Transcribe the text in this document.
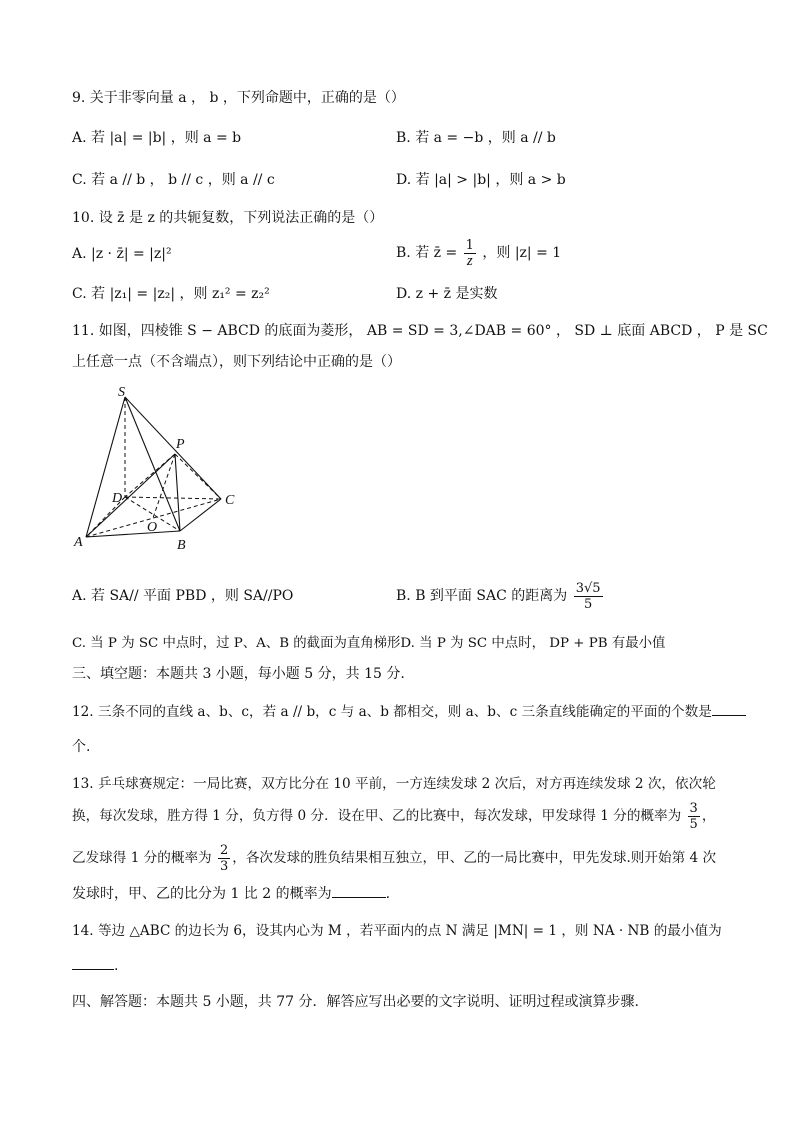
9. 关于非零向量 a ， b ，下列命题中，正确的是（）
A. 若 |a| = |b| ，则 a = b	B. 若 a = −b ，则 a // b
C. 若 a // b ， b // c ，则 a // c	D. 若 |a| > |b| ，则 a > b
10. 设 z̄ 是 z 的共轭复数，下列说法正确的是（）
A. |z · z̄| = |z|²	B. 若 z̄ = $\frac{1}{z}$ ，则 |z| = 1
C. 若 |z₁| = |z₂| ，则 z₁² = z₂²	D. z + z̄ 是实数
11. 如图，四棱锥 S − ABCD 的底面为菱形， AB = SD = 3,∠DAB = 60° ， SD ⊥ 底面 ABCD ， P 是 SC
上任意一点（不含端点），则下列结论中正确的是（）
S
P
D	C
O
A	B
A. 若 SA// 平面 PBD ，则 SA//PO	B. B 到平面 SAC 的距离为 $\frac{3√5}{5}$
C. 当 P 为 SC 中点时，过 P、A、B 的截面为直角梯形D. 当 P 为 SC 中点时， DP + PB 有最小值
三、填空题：本题共 3 小题，每小题 5 分，共 15 分.
12. 三条不同的直线 a、b、c，若 a // b，c 与 a、b 都相交，则 a、b、c 三条直线能确定的平面的个数是
个.
13. 乒乓球赛规定：一局比赛，双方比分在 10 平前，一方连续发球 2 次后，对方再连续发球 2 次，依次轮
换，每次发球，胜方得 1 分，负方得 0 分．设在甲、乙的比赛中，每次发球，甲发球得 1 分的概率为 $\frac{3}{5}$ ，
乙发球得 1 分的概率为 $\frac{2}{3}$ ，各次发球的胜负结果相互独立，甲、乙的一局比赛中，甲先发球.则开始第 4 次
发球时，甲、乙的比分为 1 比 2 的概率为	.
14. 等边 △ABC 的边长为 6，设其内心为 M ，若平面内的点 N 满足 |MN| = 1 ，则 NA · NB 的最小值为
.
四、解答题：本题共 5 小题，共 77 分．解答应写出必要的文字说明、证明过程或演算步骤.
